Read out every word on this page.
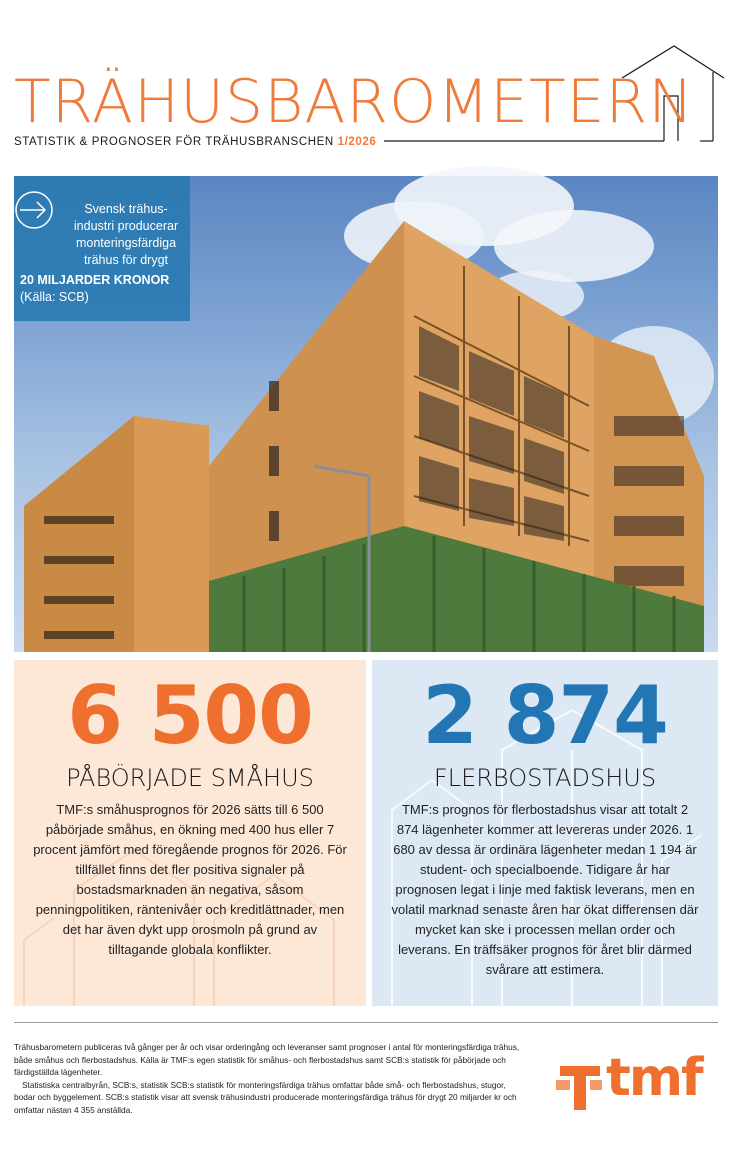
TRÄHUSBAROMETERN
STATISTIK & PROGNOSER FÖR TRÄHUSBRANSCHEN 1/2026
Svensk trähus-
industri producerar
monteringsfärdiga
trähus för drygt
20 MILJARDER KRONOR
(Källa: SCB)
6 500
PÅBÖRJADE SMÅHUS
TMF:s småhusprognos för 2026 sätts till 6 500 påbörjade småhus, en ökning med 400 hus eller 7 procent jämfört med föregående prognos för 2026. För tillfället finns det fler positiva signaler på bostadsmarknaden än negativa, såsom penningpolitiken, räntenivåer och kreditlättnader, men det har även dykt upp orosmoln på grund av tilltagande globala konflikter.
2 874
FLERBOSTADSHUS
TMF:s prognos för flerbostadshus visar att totalt 2 874 lägenheter kommer att levereras under 2026. 1 680 av dessa är ordinära lägenheter medan 1 194 är student- och specialboende. Tidigare år har prognosen legat i linje med faktisk leverans, men en volatil marknad senaste åren har ökat differensen där mycket kan ske i processen mellan order och leverans. En träffsäker prognos för året blir därmed svårare att estimera.

Trähusbarometern publiceras två gånger per år och visar orderingång och leveranser samt prognoser i antal för monteringsfärdiga trähus, både småhus och flerbostadshus. Källa är TMF:s egen statistik för småhus- och flerbostadshus samt SCB:s statistik för påbörjade och färdigställda lägenheter.

Statistiska centralbyrån, SCB:s, statistik SCB:s statistik för monteringsfärdiga trähus omfattar både små- och flerbostadshus, stugor, bodar och byggelement. SCB:s statistik visar att svensk trähusindustri producerade monteringsfärdiga trähus för drygt 20 miljarder kr och omfattar nästan 4 355 anställda.

tmf
